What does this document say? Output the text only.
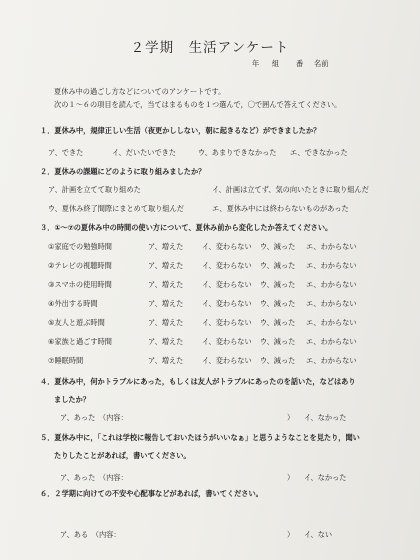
２学期　生活アンケート
年 組 番 名前
夏休み中の過ごし方などについてのアンケートです。
次の１～６の項目を読んで，当てはまるものを１つ選んで，〇で囲んで答えてください。
１．夏休み中，規律正しい生活（夜更かししない，朝に起きるなど）ができましたか？
ア、できた	イ、だいたいできた	ウ、あまりできなかった エ、できなかった
２．夏休みの課題にどのように取り組みましたか？
ア、計画を立てて取り組めた	イ、計画は立てず、気の向いたときに取り組んだ
ウ、夏休み終了間際にまとめて取り組んだ	エ、夏休み中には終わらないものがあった
３．①～⑦の夏休み中の時間の使い方について、夏休み前から変化したか答えてください。
①家庭での勉強時間	ア、増えた	イ、変わらない ウ、減った エ、わからない
②テレビの視聴時間	ア、増えた	イ、変わらない ウ、減った エ、わからない
③スマホの使用時間	ア、増えた	イ、変わらない ウ、減った エ、わからない
④外出する時間	ア、増えた	イ、変わらない ウ、減った エ、わからない
⑤友人と遊ぶ時間	ア、増えた	イ、変わらない ウ、減った エ、わからない
⑥家族と過ごす時間	ア、増えた	イ、変わらない ウ、減った エ、わからない
⑦睡眠時間	ア、増えた	イ、変わらない ウ、減った エ、わからない
４．夏休み中，何かトラブルにあった，もしくは友人がトラブルにあったのを話いた，などはあり
ましたか？
ア、あった　（内容：	） イ、なかった
５．夏休み中に，「これは学校に報告しておいたほうがいいなぁ」と思うようなことを見たり，聞い
たりしたことがあれば，書いてください。
ア、あった　（内容：	） イ、なかった
６．２学期に向けての不安や心配事などがあれば，書いてください。
ア、ある　（内容：	） イ、ない
